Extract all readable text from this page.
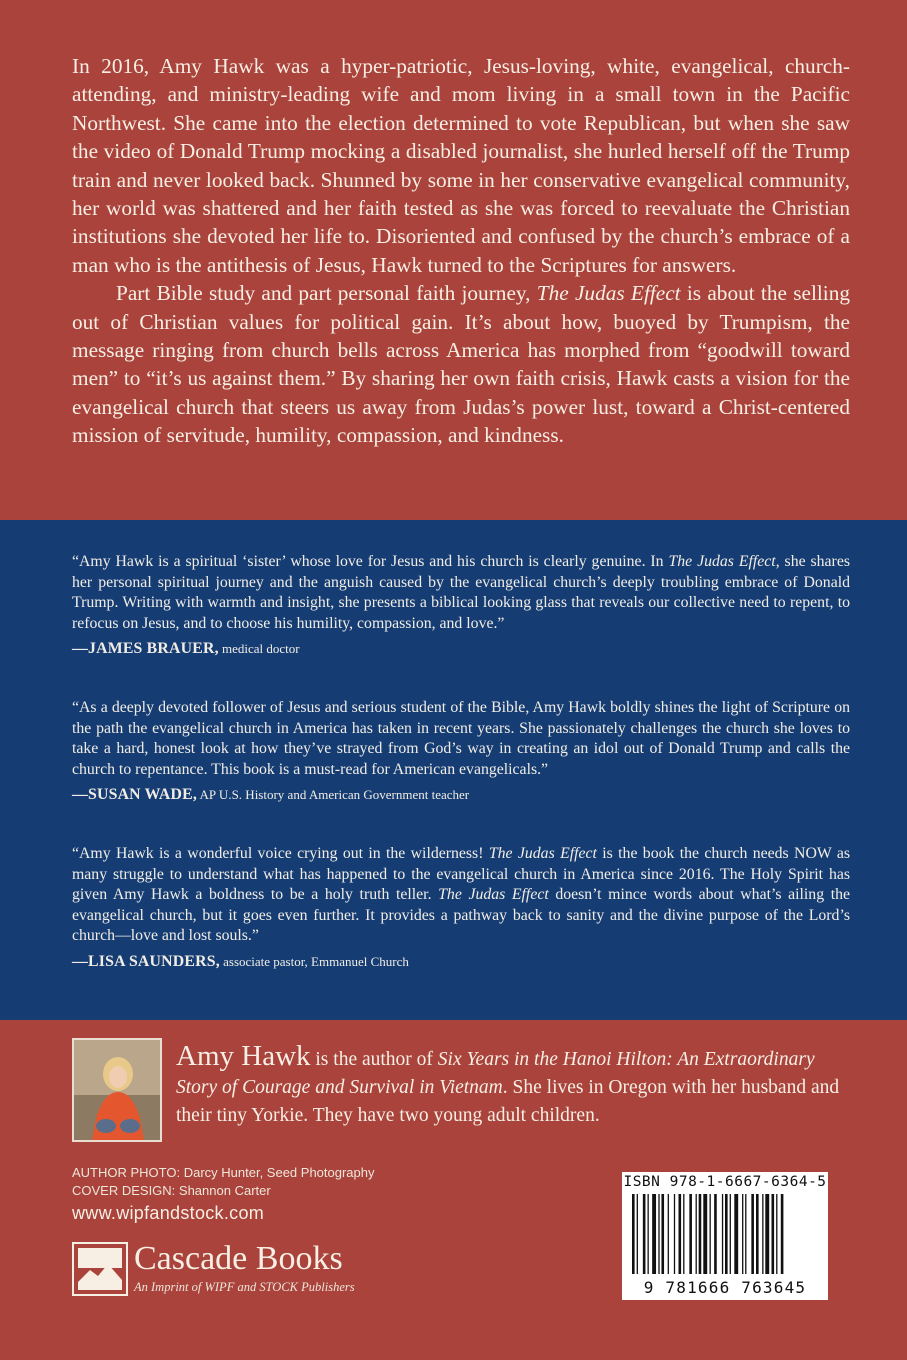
In 2016, Amy Hawk was a hyper-patriotic, Jesus-loving, white, evangelical, church-attending, and ministry-leading wife and mom living in a small town in the Pacific Northwest. She came into the election determined to vote Republican, but when she saw the video of Donald Trump mocking a disabled journalist, she hurled herself off the Trump train and never looked back. Shunned by some in her conservative evangelical community, her world was shattered and her faith tested as she was forced to reevaluate the Christian institutions she devoted her life to. Disoriented and confused by the church’s embrace of a man who is the antithesis of Jesus, Hawk turned to the Scriptures for answers.

Part Bible study and part personal faith journey, The Judas Effect is about the selling out of Christian values for political gain. It’s about how, buoyed by Trumpism, the message ringing from church bells across America has morphed from “goodwill toward men” to “it’s us against them.” By sharing her own faith crisis, Hawk casts a vision for the evangelical church that steers us away from Judas’s power lust, toward a Christ-centered mission of servitude, humility, compassion, and kindness.

“Amy Hawk is a spiritual ‘sister’ whose love for Jesus and his church is clearly genuine. In The Judas Effect, she shares her personal spiritual journey and the anguish caused by the evangelical church’s deeply troubling embrace of Donald Trump. Writing with warmth and insight, she presents a biblical looking glass that reveals our collective need to repent, to refocus on Jesus, and to choose his humility, compassion, and love.”

—JAMES BRAUER, medical doctor

“As a deeply devoted follower of Jesus and serious student of the Bible, Amy Hawk boldly shines the light of Scripture on the path the evangelical church in America has taken in recent years. She passionately challenges the church she loves to take a hard, honest look at how they’ve strayed from God’s way in creating an idol out of Donald Trump and calls the church to repentance. This book is a must-read for American evangelicals.”

—SUSAN WADE, AP U.S. History and American Government teacher

“Amy Hawk is a wonderful voice crying out in the wilderness! The Judas Effect is the book the church needs NOW as many struggle to understand what has happened to the evangelical church in America since 2016. The Holy Spirit has given Amy Hawk a boldness to be a holy truth teller. The Judas Effect doesn’t mince words about what’s ailing the evangelical church, but it goes even further. It provides a pathway back to sanity and the divine purpose of the Lord’s church—love and lost souls.”

—LISA SAUNDERS, associate pastor, Emmanuel Church
Amy Hawk is the author of Six Years in the Hanoi Hilton: An Extraordinary Story of Courage and Survival in Vietnam. She lives in Oregon with her husband and their tiny Yorkie. They have two young adult children.
AUTHOR PHOTO: Darcy Hunter, Seed Photography
COVER DESIGN: Shannon Carter
www.wipfandstock.com
Cascade Books
An Imprint of WIPF and STOCK Publishers
ISBN 978-1-6667-6364-5
9 781666 763645
